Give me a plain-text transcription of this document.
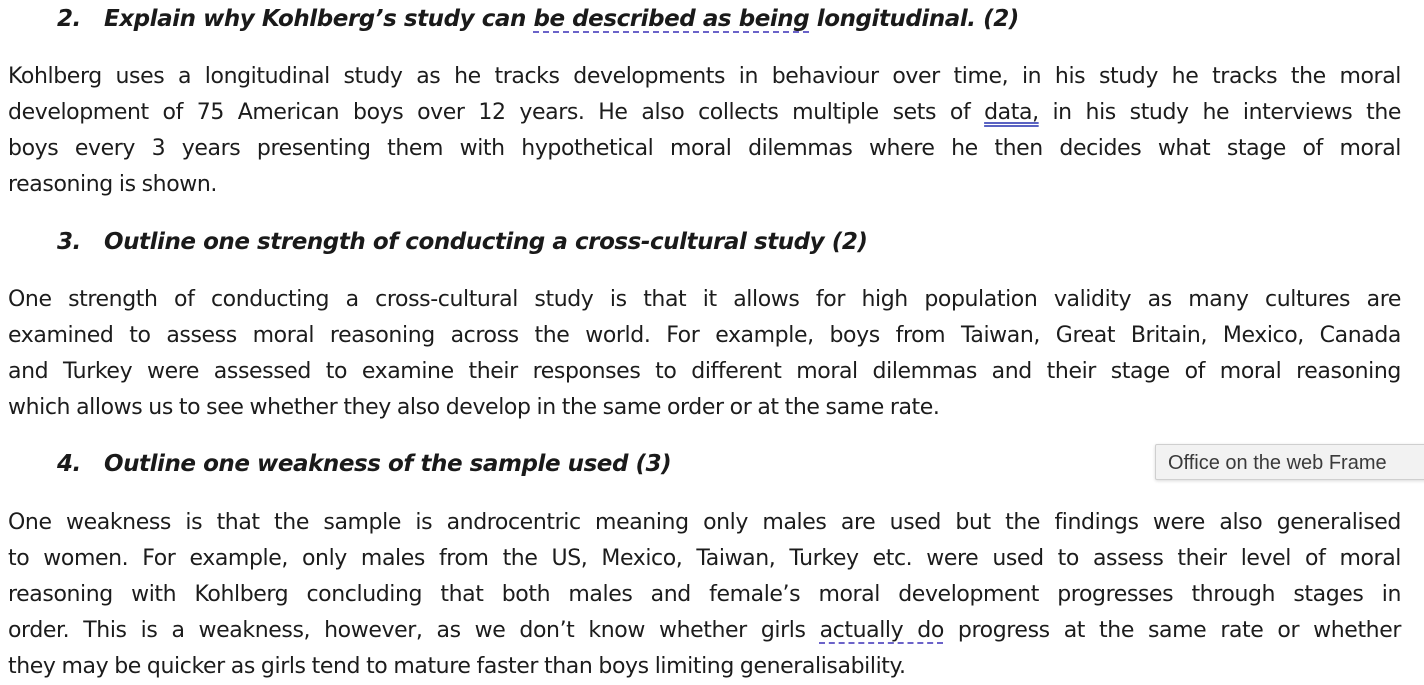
2. Explain why Kohlberg’s study can be described as being longitudinal. (2)

Kohlberg uses a longitudinal study as he tracks developments in behaviour over time, in his study he tracks the moral
development of 75 American boys over 12 years. He also collects multiple sets of data, in his study he interviews the
boys every 3 years presenting them with hypothetical moral dilemmas where he then decides what stage of moral
reasoning is shown.

3. Outline one strength of conducting a cross-cultural study (2)

One strength of conducting a cross-cultural study is that it allows for high population validity as many cultures are
examined to assess moral reasoning across the world. For example, boys from Taiwan, Great Britain, Mexico, Canada
and Turkey were assessed to examine their responses to different moral dilemmas and their stage of moral reasoning
which allows us to see whether they also develop in the same order or at the same rate.

4. Outline one weakness of the sample used (3)

One weakness is that the sample is androcentric meaning only males are used but the findings were also generalised
to women. For example, only males from the US, Mexico, Taiwan, Turkey etc. were used to assess their level of moral
reasoning with Kohlberg concluding that both males and female’s moral development progresses through stages in
order. This is a weakness, however, as we don’t know whether girls actually do progress at the same rate or whether
they may be quicker as girls tend to mature faster than boys limiting generalisability.
Office on the web Frame
